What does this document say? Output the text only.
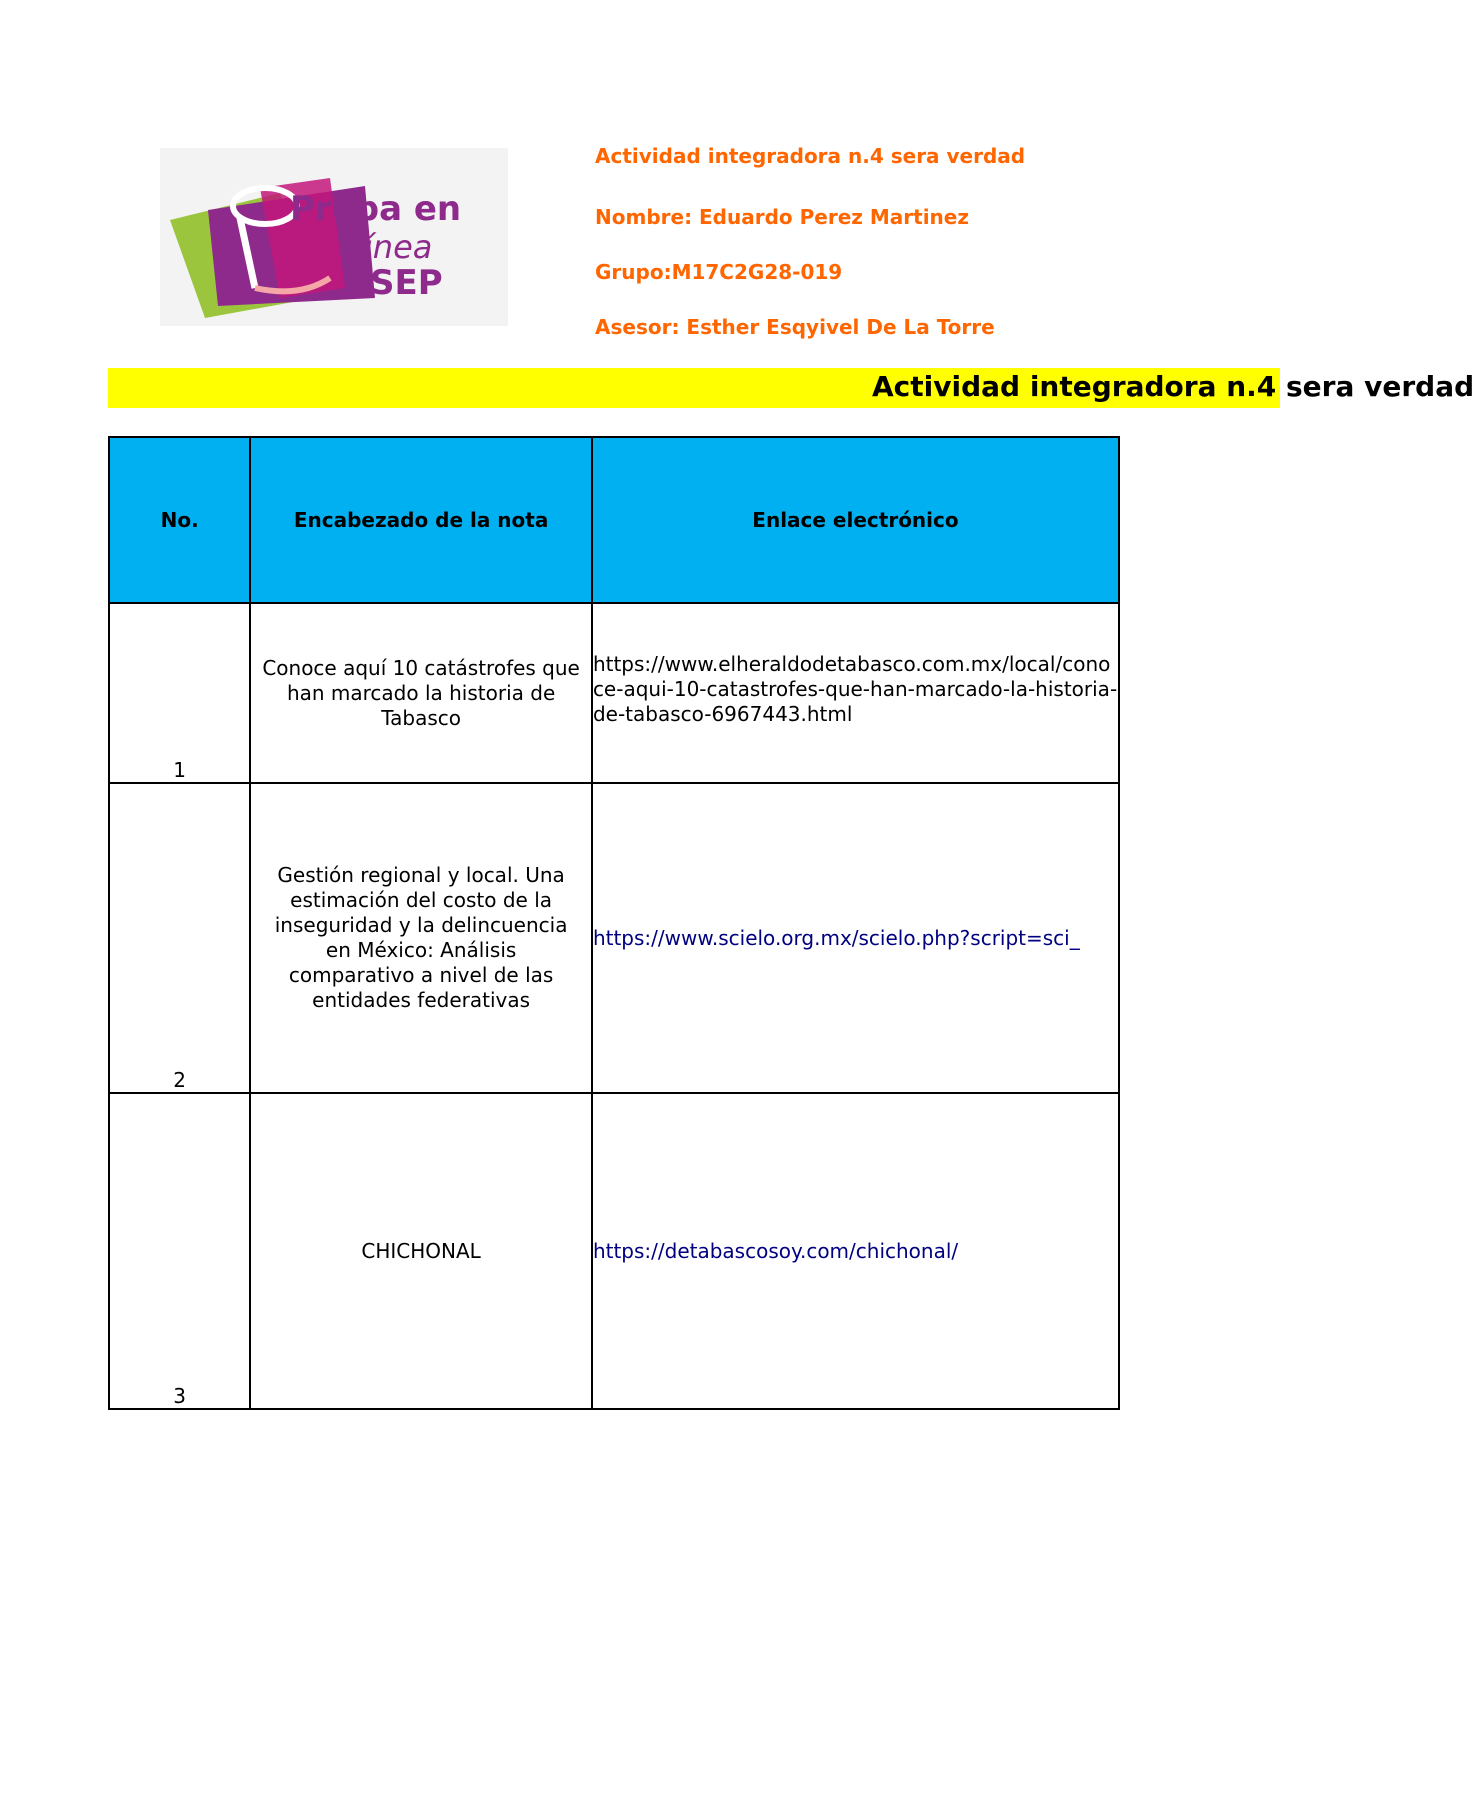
Prepa en
línea
SEP
Actividad integradora n.4 sera verdad
Nombre: Eduardo Perez Martinez
Grupo:M17C2G28-019
Asesor: Esther Esqyivel De La Torre
Actividad integradora n.4 sera verdad
No.	Encabezado de la nota	Enlace electrónico
1	Conoce aquí 10 catástrofes que han marcado la historia de Tabasco	https://www.elheraldodetabasco.com.mx/local/conoce-aqui-10-catastrofes-que-han-marcado-la-historia-de-tabasco-6967443.html
2	Gestión regional y local. Una estimación del costo de la inseguridad y la delincuencia en México: Análisis comparativo a nivel de las entidades federativas	https://www.scielo.org.mx/scielo.php?script=sci_
3	CHICHONAL	https://detabascosoy.com/chichonal/
